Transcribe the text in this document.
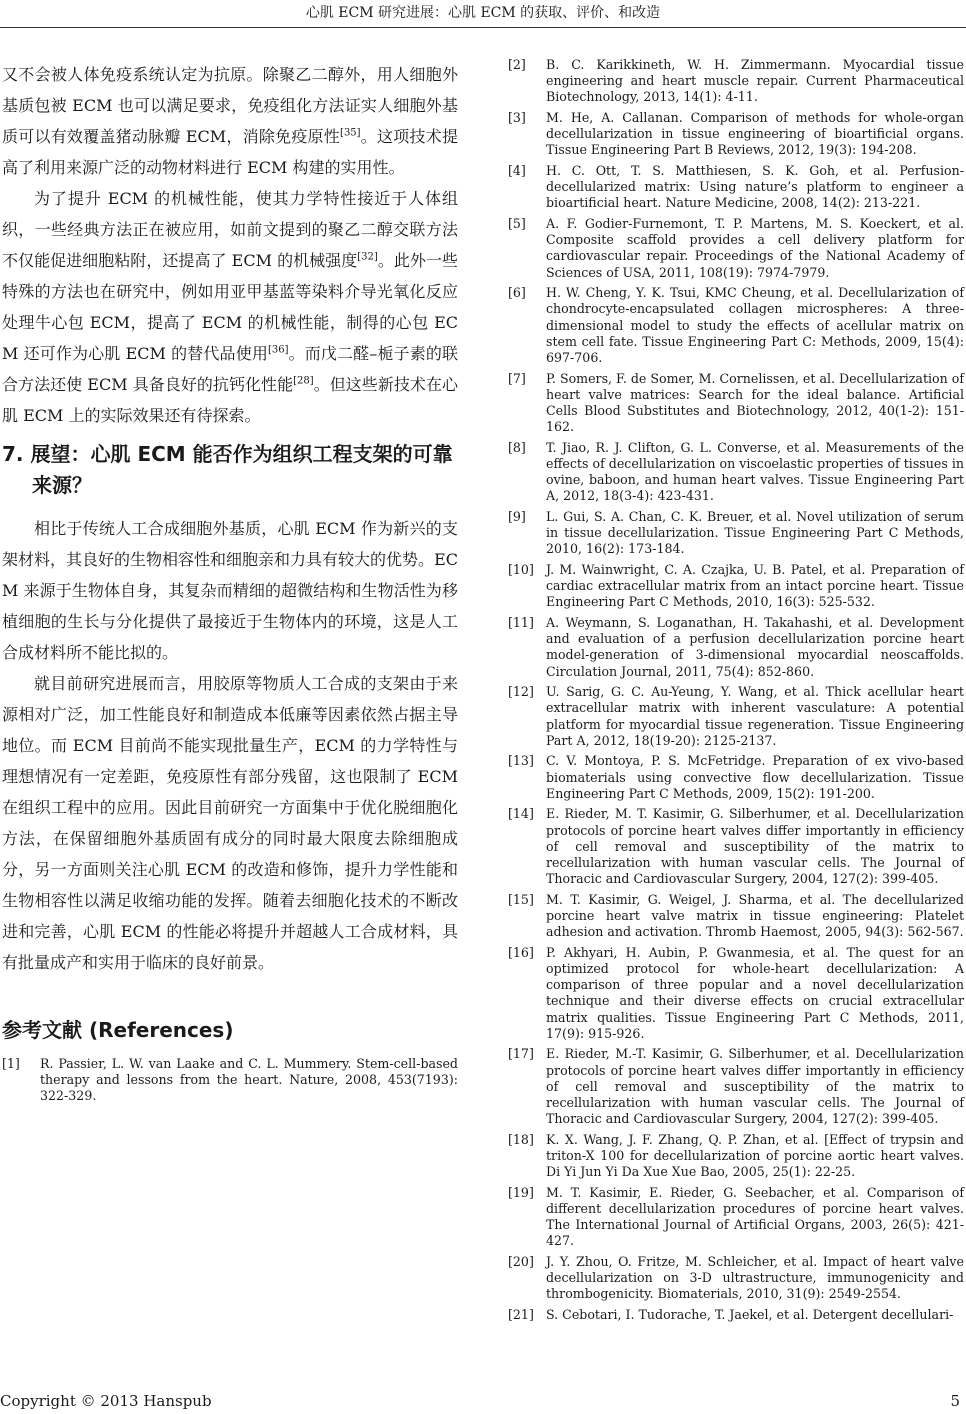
心肌 ECM 研究进展：心肌 ECM 的获取、评价、和改造

又不会被人体免疫系统认定为抗原。除聚乙二醇外，用人细胞外基质包被 ECM 也可以满足要求，免疫组化方法证实人细胞外基质可以有效覆盖猪动脉瓣 ECM，消除免疫原性[35]。这项技术提高了利用来源广泛的动物材料进行 ECM 构建的实用性。

为了提升 ECM 的机械性能，使其力学特性接近于人体组织，一些经典方法正在被应用，如前文提到的聚乙二醇交联方法不仅能促进细胞粘附，还提高了 ECM 的机械强度[32]。此外一些特殊的方法也在研究中，例如用亚甲基蓝等染料介导光氧化反应处理牛心包 ECM，提高了 ECM 的机械性能，制得的心包 ECM 还可作为心肌 ECM 的替代品使用[36]。而戊二醛–栀子素的联合方法还使 ECM 具备良好的抗钙化性能[28]。但这些新技术在心肌 ECM 上的实际效果还有待探索。

7. 展望：心肌 ECM 能否作为组织工程支架的可靠来源？

相比于传统人工合成细胞外基质，心肌 ECM 作为新兴的支架材料，其良好的生物相容性和细胞亲和力具有较大的优势。ECM 来源于生物体自身，其复杂而精细的超微结构和生物活性为移植细胞的生长与分化提供了最接近于生物体内的环境，这是人工合成材料所不能比拟的。

就目前研究进展而言，用胶原等物质人工合成的支架由于来源相对广泛，加工性能良好和制造成本低廉等因素依然占据主导地位。而 ECM 目前尚不能实现批量生产，ECM 的力学特性与理想情况有一定差距，免疫原性有部分残留，这也限制了 ECM 在组织工程中的应用。因此目前研究一方面集中于优化脱细胞化方法，在保留细胞外基质固有成分的同时最大限度去除细胞成分，另一方面则关注心肌 ECM 的改造和修饰，提升力学性能和生物相容性以满足收缩功能的发挥。随着去细胞化技术的不断改进和完善，心肌 ECM 的性能必将提升并超越人工合成材料，具有批量成产和实用于临床的良好前景。

参考文献 (References)
[1]	R. Passier, L. W. van Laake and C. L. Mummery. Stem-cell-based therapy and lessons from the heart. Nature, 2008, 453(7193): 322-329.
[2]	B. C. Karikkineth, W. H. Zimmermann. Myocardial tissue engineering and heart muscle repair. Current Pharmaceutical Biotechnology, 2013, 14(1): 4-11.
[3]	M. He, A. Callanan. Comparison of methods for whole-organ decellularization in tissue engineering of bioartificial organs. Tissue Engineering Part B Reviews, 2012, 19(3): 194-208.
[4]	H. C. Ott, T. S. Matthiesen, S. K. Goh, et al. Perfusion-decellularized matrix: Using nature’s platform to engineer a bioartificial heart. Nature Medicine, 2008, 14(2): 213-221.
[5]	A. F. Godier-Furnemont, T. P. Martens, M. S. Koeckert, et al. Composite scaffold provides a cell delivery platform for cardiovascular repair. Proceedings of the National Academy of Sciences of USA, 2011, 108(19): 7974-7979.
[6]	H. W. Cheng, Y. K. Tsui, KMC Cheung, et al. Decellularization of chondrocyte-encapsulated collagen microspheres: A three-dimensional model to study the effects of acellular matrix on stem cell fate. Tissue Engineering Part C: Methods, 2009, 15(4): 697-706.
[7]	P. Somers, F. de Somer, M. Cornelissen, et al. Decellularization of heart valve matrices: Search for the ideal balance. Artificial Cells Blood Substitutes and Biotechnology, 2012, 40(1-2): 151-162.
[8]	T. Jiao, R. J. Clifton, G. L. Converse, et al. Measurements of the effects of decellularization on viscoelastic properties of tissues in ovine, baboon, and human heart valves. Tissue Engineering Part A, 2012, 18(3-4): 423-431.
[9]	L. Gui, S. A. Chan, C. K. Breuer, et al. Novel utilization of serum in tissue decellularization. Tissue Engineering Part C Methods, 2010, 16(2): 173-184.
[10] J. M. Wainwright, C. A. Czajka, U. B. Patel, et al. Preparation of cardiac extracellular matrix from an intact porcine heart. Tissue Engineering Part C Methods, 2010, 16(3): 525-532.
[11] A. Weymann, S. Loganathan, H. Takahashi, et al. Development and evaluation of a perfusion decellularization porcine heart model-generation of 3-dimensional myocardial neoscaffolds. Circulation Journal, 2011, 75(4): 852-860.
[12] U. Sarig, G. C. Au-Yeung, Y. Wang, et al. Thick acellular heart extracellular matrix with inherent vasculature: A potential platform for myocardial tissue regeneration. Tissue Engineering Part A, 2012, 18(19-20): 2125-2137.
[13] C. V. Montoya, P. S. McFetridge. Preparation of ex vivo-based biomaterials using convective flow decellularization. Tissue Engineering Part C Methods, 2009, 15(2): 191-200.
[14] E. Rieder, M. T. Kasimir, G. Silberhumer, et al. Decellularization protocols of porcine heart valves differ importantly in efficiency of cell removal and susceptibility of the matrix to recellularization with human vascular cells. The Journal of Thoracic and Cardiovascular Surgery, 2004, 127(2): 399-405.
[15] M. T. Kasimir, G. Weigel, J. Sharma, et al. The decellularized porcine heart valve matrix in tissue engineering: Platelet adhesion and activation. Thromb Haemost, 2005, 94(3): 562-567.
[16] P. Akhyari, H. Aubin, P. Gwanmesia, et al. The quest for an optimized protocol for whole-heart decellularization: A comparison of three popular and a novel decellularization technique and their diverse effects on crucial extracellular matrix qualities. Tissue Engineering Part C Methods, 2011, 17(9): 915-926.
[17] E. Rieder, M.-T. Kasimir, G. Silberhumer, et al. Decellularization protocols of porcine heart valves differ importantly in efficiency of cell removal and susceptibility of the matrix to recellularization with human vascular cells. The Journal of Thoracic and Cardiovascular Surgery, 2004, 127(2): 399-405.
[18] K. X. Wang, J. F. Zhang, Q. P. Zhan, et al. [Effect of trypsin and triton-X 100 for decellularization of porcine aortic heart valves. Di Yi Jun Yi Da Xue Xue Bao, 2005, 25(1): 22-25.
[19] M. T. Kasimir, E. Rieder, G. Seebacher, et al. Comparison of different decellularization procedures of porcine heart valves. The International Journal of Artificial Organs, 2003, 26(5): 421-427.
[20] J. Y. Zhou, O. Fritze, M. Schleicher, et al. Impact of heart valve decellularization on 3-D ultrastructure, immunogenicity and thrombogenicity. Biomaterials, 2010, 31(9): 2549-2554.
[21] S. Cebotari, I. Tudorache, T. Jaekel, et al. Detergent decellulari-
Copyright © 2013 Hanspub	5
